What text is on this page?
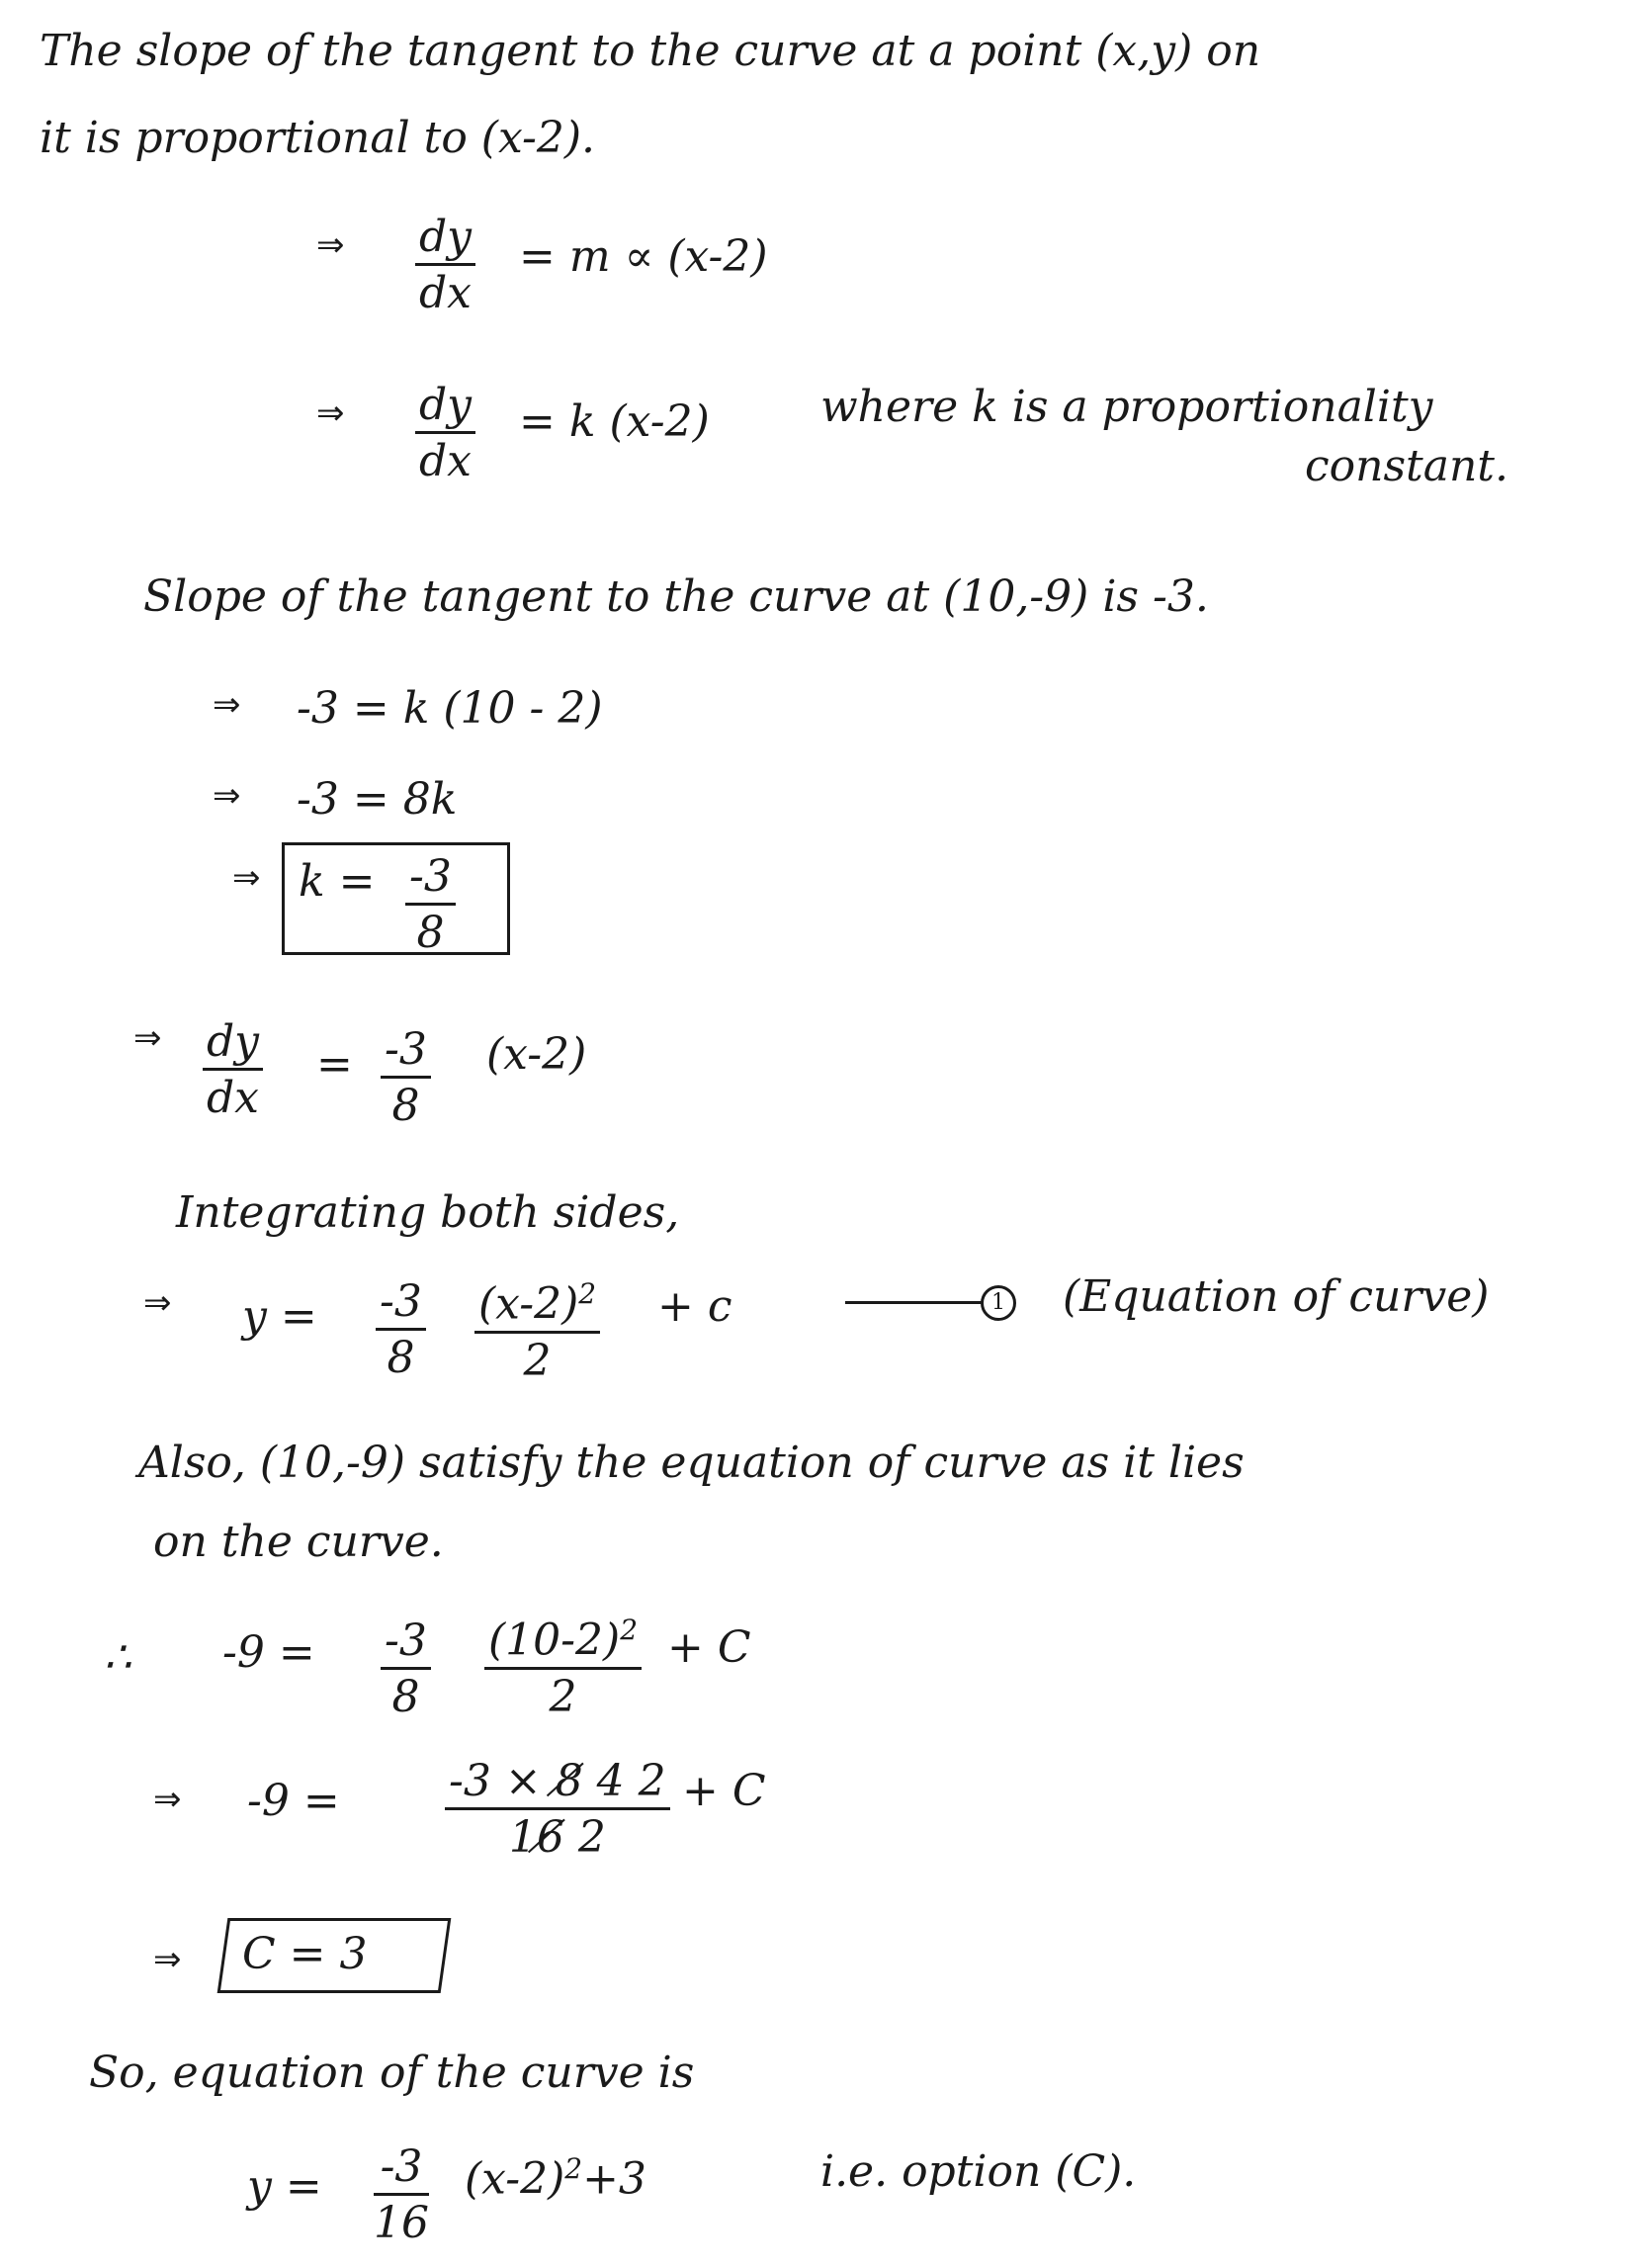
The slope of the tangent to the curve at a point (x,y) on
it is proportional to (x-2).
⇒ $\frac{dy}{dx} = m \propto (x-2)$
⇒ $\frac{dy}{dx} = k$ (x-2)	where k is a proportionality
constant.
Slope of the tangent to the curve at (10,-9) is -3.
⇒ -3 = k (10 - 2)
⇒ -3 = 8k
⇒ $k = \frac{-3}{8}$
⇒ $\frac{dy}{dx} = \frac{-3}{8} (x-2)$
Integrating both sides,
⇒ $y = \frac{-3}{8} \frac{(x-2)^2}{2} + c$	1 (Equation of curve)
Also, (10,-9) satisfy the equation of curve as it lies
on the curve.
∴ $-9 = \frac{-3}{8} \frac{(10-2)^2}{2} + C$
⇒ $-9 = \frac{-3 \times 8̸ 4 2}{16̸ 2} + C$
⇒ C = 3
So, equation of the curve is
$y = \frac{-3}{16} (x-2)^2+3$	i.e. option (C).
